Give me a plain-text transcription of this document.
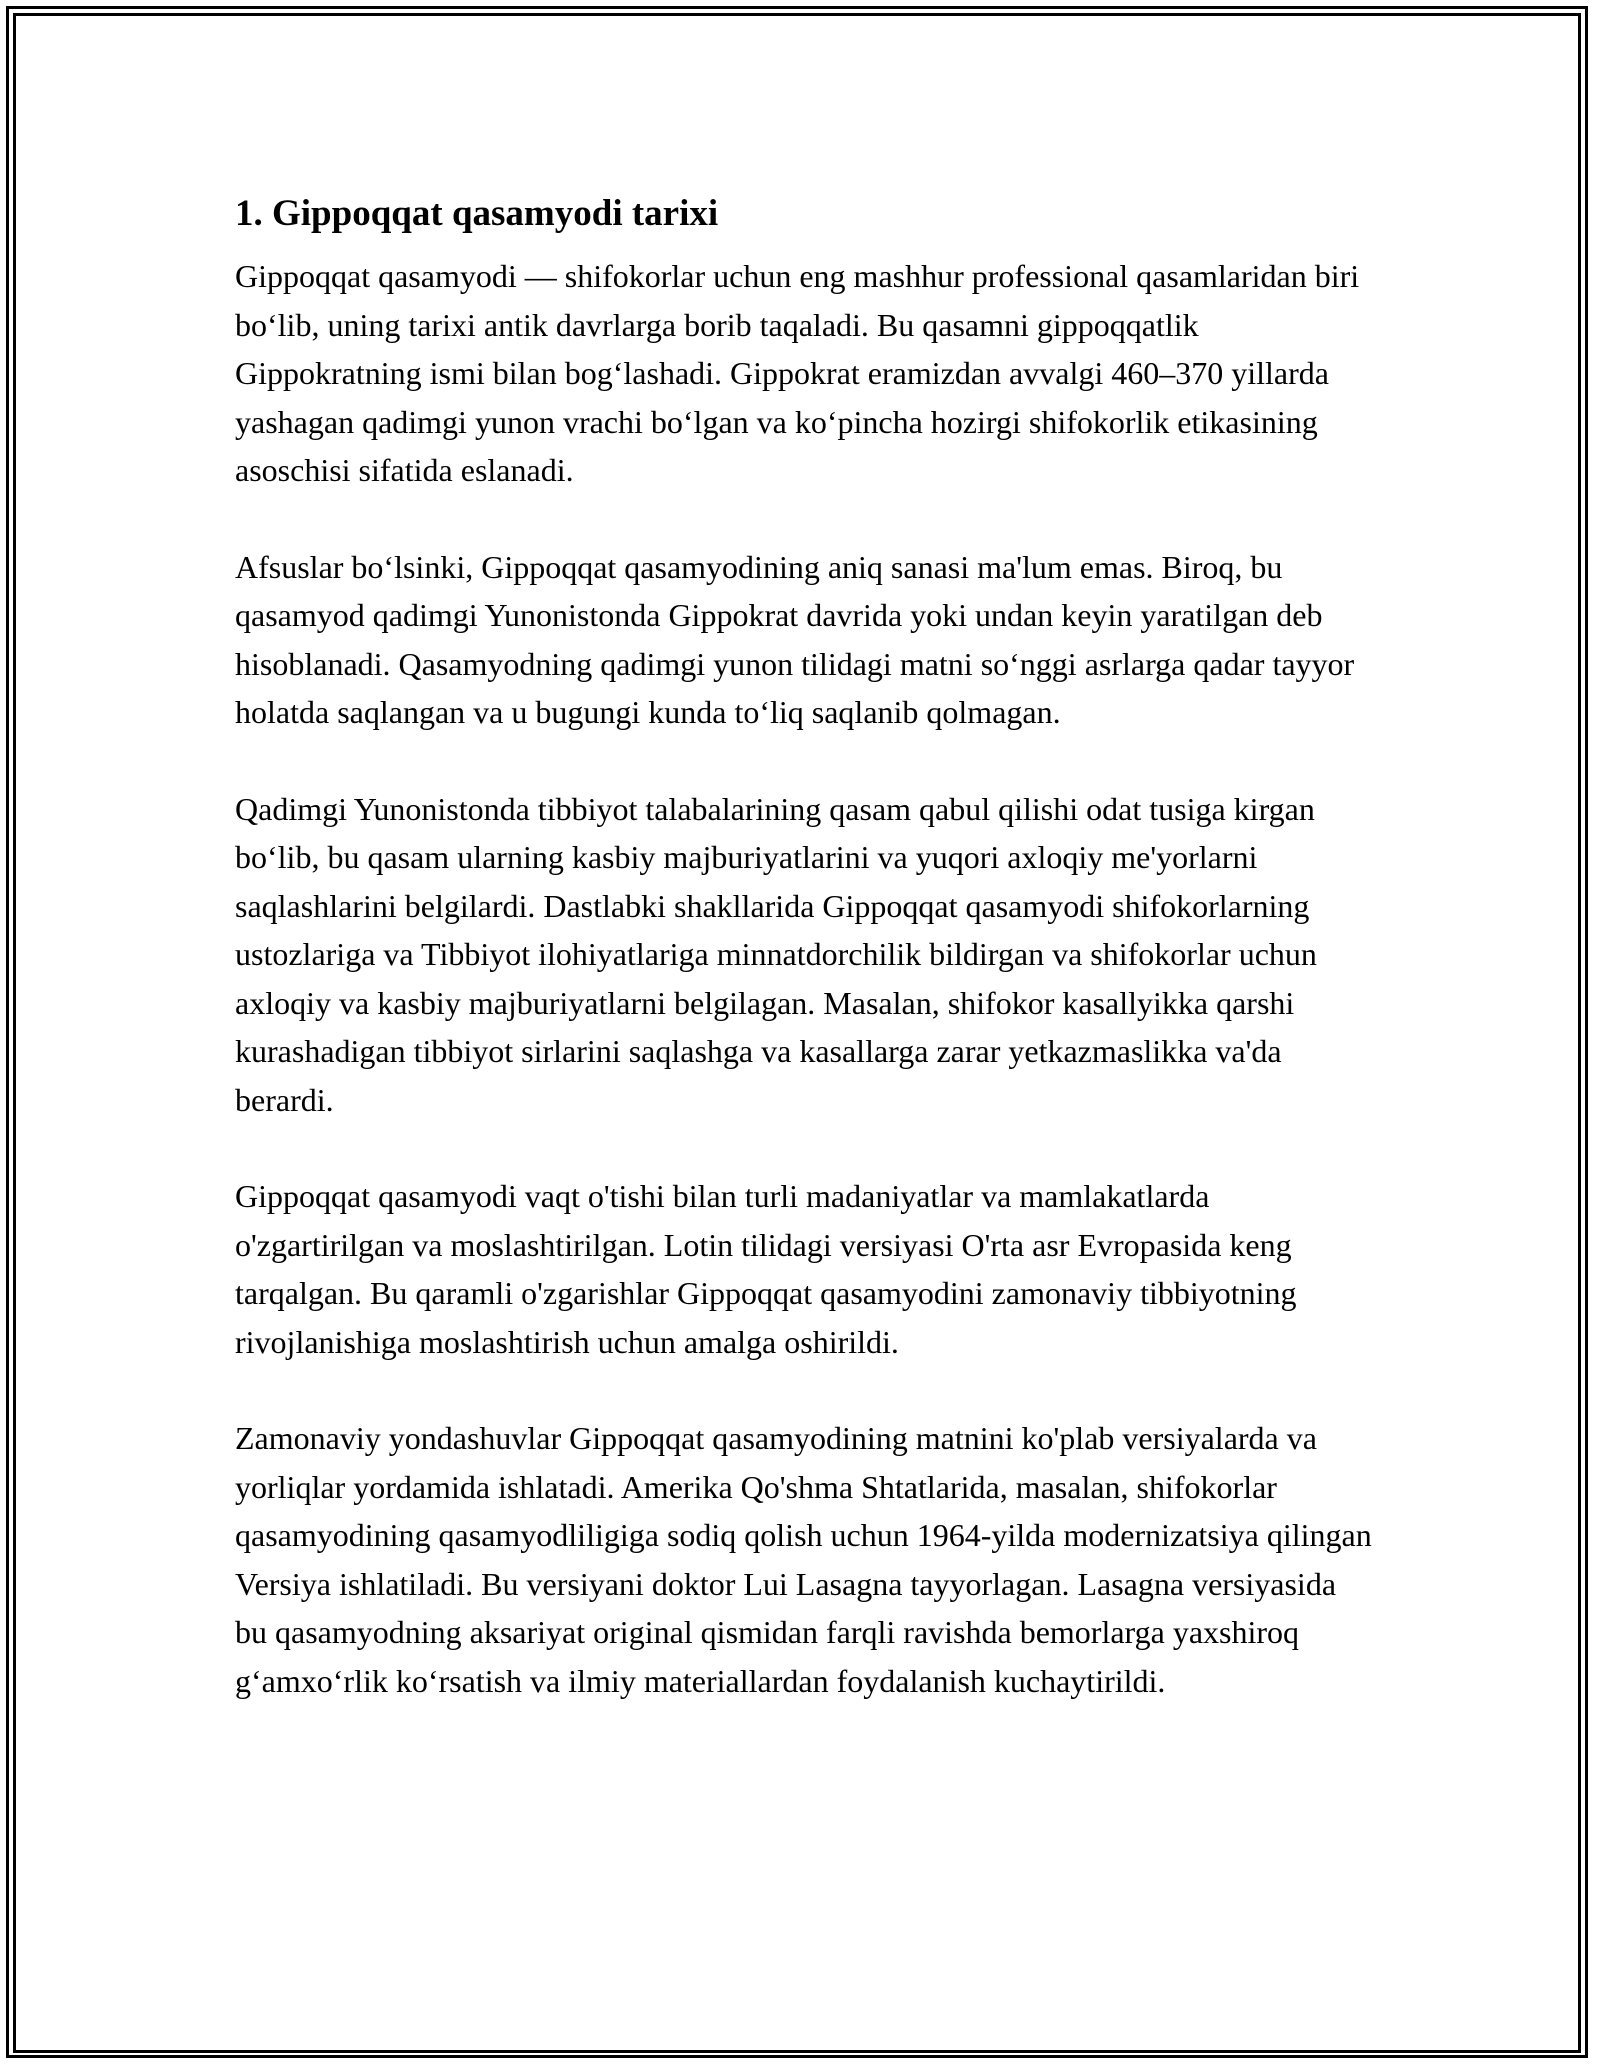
1. Gippoqqat qasamyodi tarixi

Gippoqqat qasamyodi — shifokorlar uchun eng mashhur professional qasamlaridan biri bo‘lib, uning tarixi antik davrlarga borib taqaladi. Bu qasamni gippoqqatlik Gippokratning ismi bilan bog‘lashadi. Gippokrat eramizdan avvalgi 460–370 yillarda yashagan qadimgi yunon vrachi bo‘lgan va ko‘pincha hozirgi shifokorlik etikasining asoschisi sifatida eslanadi.

Afsuslar bo‘lsinki, Gippoqqat qasamyodining aniq sanasi ma'lum emas. Biroq, bu qasamyod qadimgi Yunonistonda Gippokrat davrida yoki undan keyin yaratilgan deb hisoblanadi. Qasamyodning qadimgi yunon tilidagi matni so‘nggi asrlarga qadar tayyor holatda saqlangan va u bugungi kunda to‘liq saqlanib qolmagan.

Qadimgi Yunonistonda tibbiyot talabalarining qasam qabul qilishi odat tusiga kirgan bo‘lib, bu qasam ularning kasbiy majburiyatlarini va yuqori axloqiy me'yorlarni saqlashlarini belgilardi. Dastlabki shakllarida Gippoqqat qasamyodi shifokorlarning ustozlariga va Tibbiyot ilohiyatlariga minnatdorchilik bildirgan va shifokorlar uchun axloqiy va kasbiy majburiyatlarni belgilagan. Masalan, shifokor kasallyikka qarshi kurashadigan tibbiyot sirlarini saqlashga va kasallarga zarar yetkazmaslikka va'da berardi.

Gippoqqat qasamyodi vaqt o'tishi bilan turli madaniyatlar va mamlakatlarda o'zgartirilgan va moslashtirilgan. Lotin tilidagi versiyasi O'rta asr Evropasida keng tarqalgan. Bu qaramli o'zgarishlar Gippoqqat qasamyodini zamonaviy tibbiyotning rivojlanishiga moslashtirish uchun amalga oshirildi.

Zamonaviy yondashuvlar Gippoqqat qasamyodining matnini ko'plab versiyalarda va yorliqlar yordamida ishlatadi. Amerika Qo'shma Shtatlarida, masalan, shifokorlar qasamyodining qasamyodliligiga sodiq qolish uchun 1964-yilda modernizatsiya qilingan Versiya ishlatiladi. Bu versiyani doktor Lui Lasagna tayyorlagan. Lasagna versiyasida bu qasamyodning aksariyat original qismidan farqli ravishda bemorlarga yaxshiroq g‘amxo‘rlik ko‘rsatish va ilmiy materiallardan foydalanish kuchaytirildi.
